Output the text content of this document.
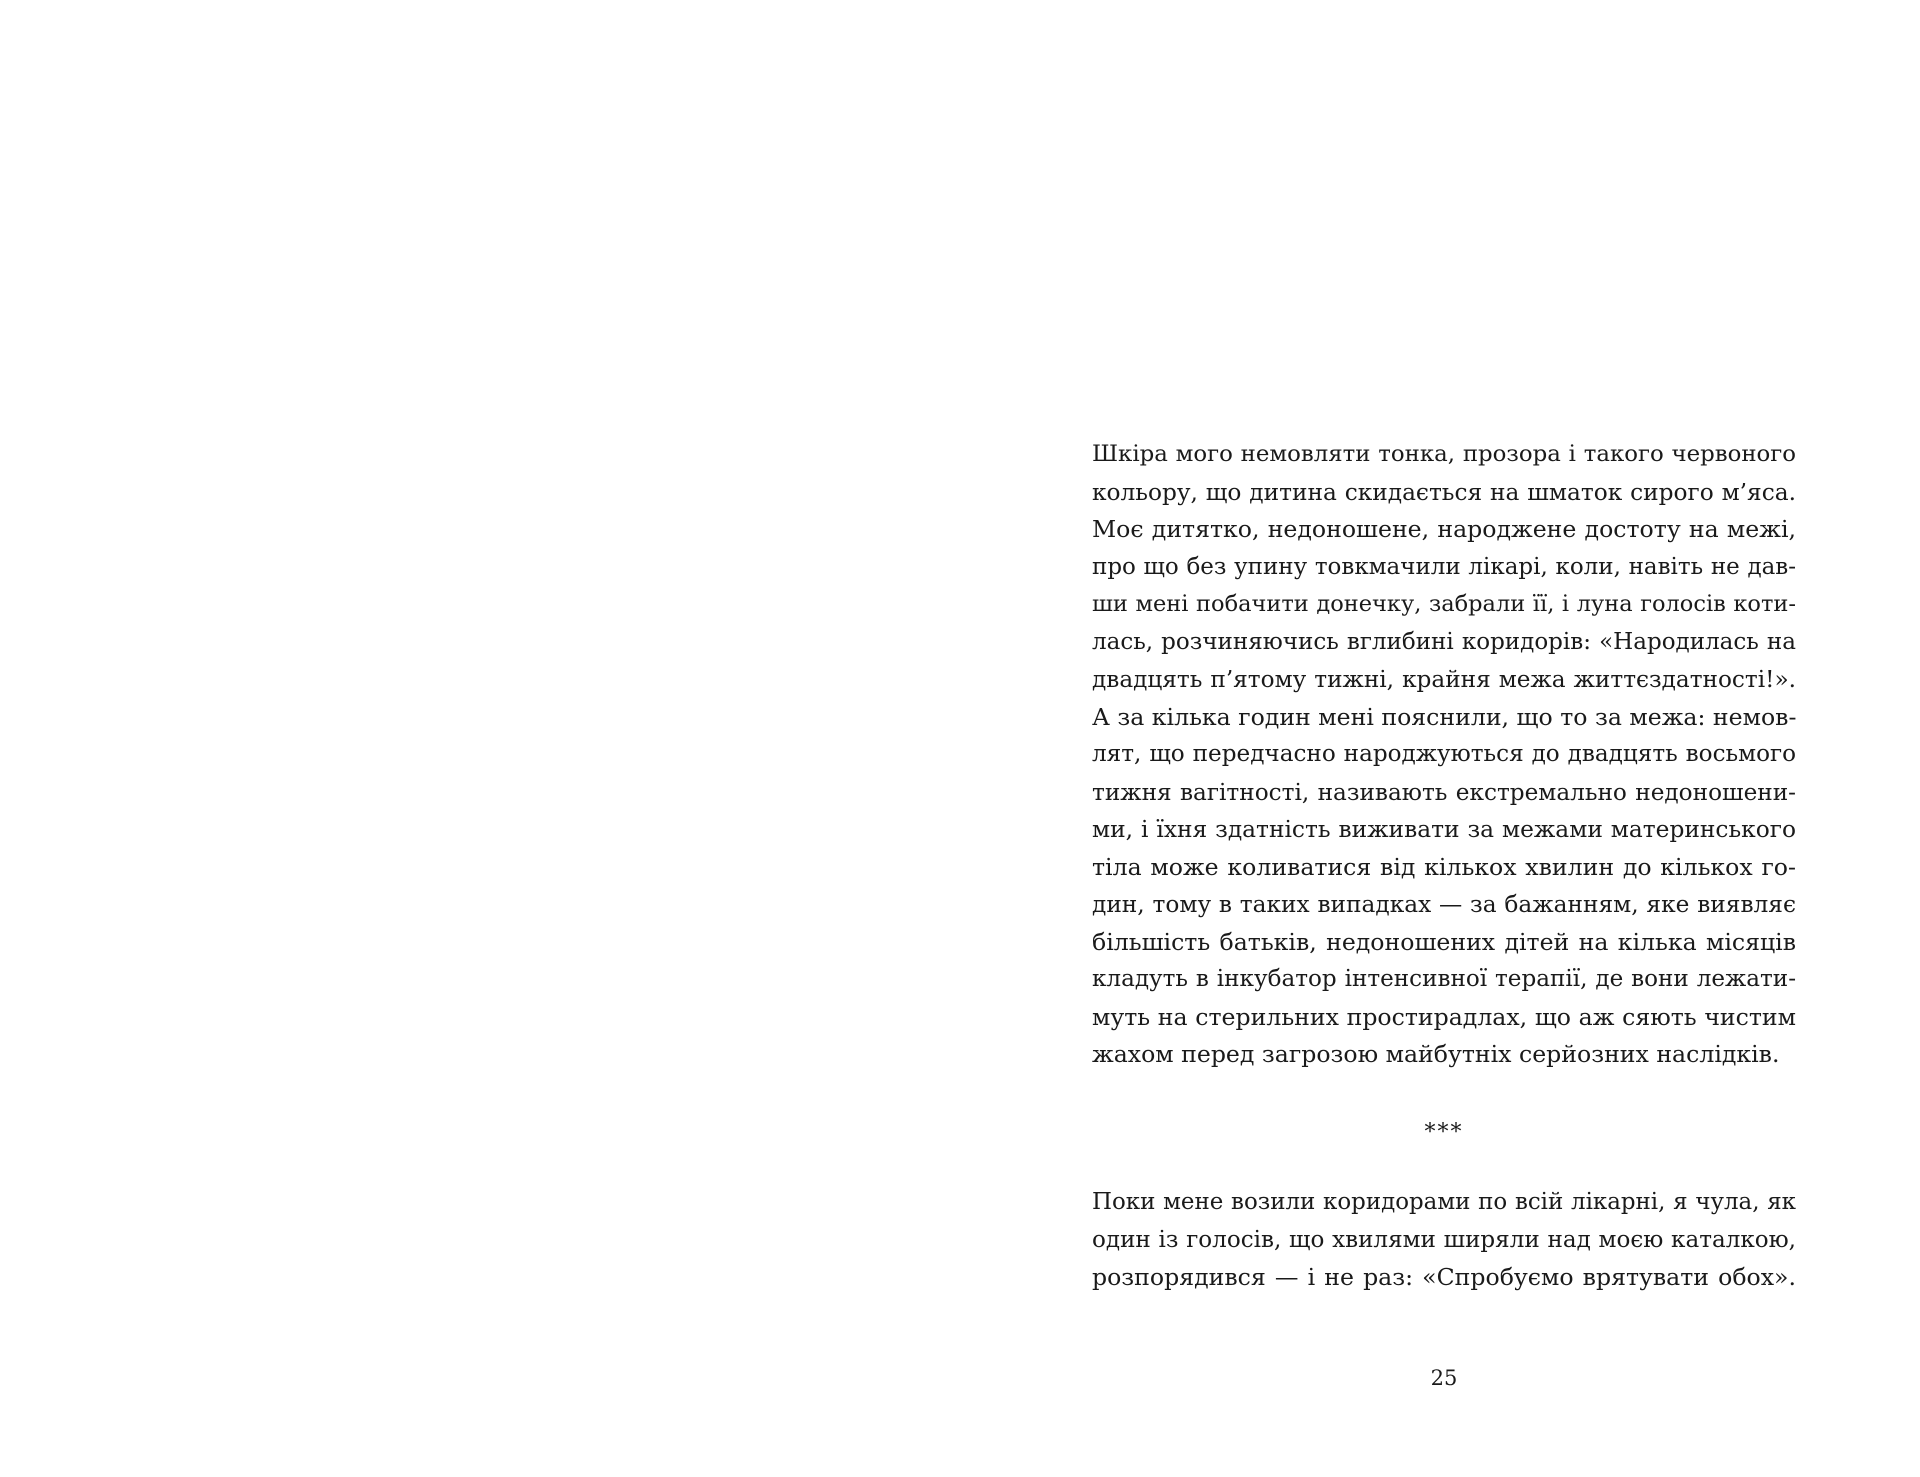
Шкіра мого немовляти тонка, прозора і такого червоного
кольору, що дитина скидається на шматок сирого м’яса.
Моє дитятко, недоношене, народжене достоту на межі,
про що без упину товкмачили лікарі, коли, навіть не дав-
ши мені побачити донечку, забрали її, і луна голосів коти-
лась, розчиняючись вглибині коридорів: «Народилась на
двадцять п’ятому тижні, крайня межа життєздатності!».
А за кілька годин мені пояснили, що то за межа: немов-
лят, що передчасно народжуються до двадцять восьмого
тижня вагітності, називають екстремально недоношени-
ми, і їхня здатність виживати за межами материнського
тіла може коливатися від кількох хвилин до кількох го-
дин, тому в таких випадках — за бажанням, яке виявляє
більшість батьків, недоношених дітей на кілька місяців
кладуть в інкубатор інтенсивної терапії, де вони лежати-
муть на стерильних простирадлах, що аж сяють чистим
жахом перед загрозою майбутніх серйозних наслідків.
***
Поки мене возили коридорами по всій лікарні, я чула, як
один із голосів, що хвилями ширяли над моєю каталкою,
розпорядився — і не раз: «Спробуємо врятувати обох».
25
